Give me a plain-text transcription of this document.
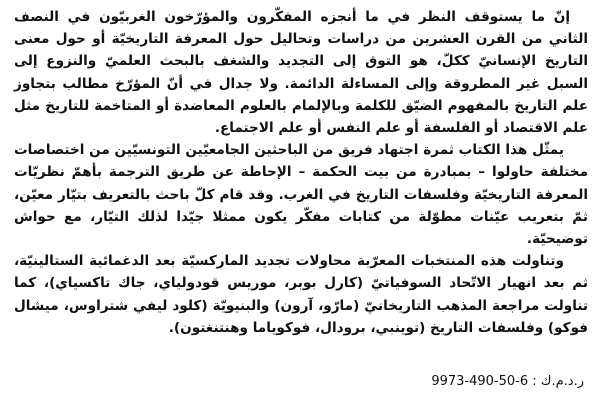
إنّ ما يستوقف النظر في ما أنجزه المفكّرون والمؤرّخون الغربيّون في النصف الثاني من القرن العشرين من دراسات وتحاليل حول المعرفة التاريخيّة أو حول معنى التاريخ الإنسانيّ ككلّ، هو التوق إلى التجديد والشغف بالبحث العلميّ والنزوع إلى السبل غير المطروقة وإلى المساءلة الدائمة. ولا جدال في أنّ المؤرّخ مطالب بتجاوز علم التاريخ بالمفهوم الضيّق للكلمة وبالإلمام بالعلوم المعاضدة أو المتاخمة للتاريخ مثل علم الاقتصاد أو الفلسفة أو علم النفس أو علم الاجتماع.

يمثّل هذا الكتاب ثمرة اجتهاد فريق من الباحثين الجامعيّين التونسيّين من اختصاصات مختلفة حاولوا – بمبادرة من بيت الحكمة – الإحاطة عن طريق الترجمة بأهمّ نظريّات المعرفة التاريخيّة وفلسفات التاريخ في الغرب. وقد قام كلّ باحث بالتعريف بتيّار معيّن، ثمّ بتعريب عيّنات مطوّلة من كتابات مفكّر يكون ممثلا جيّدا لذلك التيّار، مع حواش توضيحيّة.

وتناولت هذه المنتخبات المعرّبة محاولات تجديد الماركسيّة بعد الدغمائية الستالينيّة، ثم بعد انهيار الاتّحاد السوفياتيّ (كارل بوبر، موريس قودولياي، جاك تاكسياي)، كما تناولت مراجعة المذهب التاريخانيّ (مارّو، آرون) والبنيويّة (كلود ليفي شتراوس، ميشال فوكو) وفلسفات التاريخ (توينبي، برودال، فوكوياما وهنتنغتون).

ر.د.م.ك : 9973-490-50-6
